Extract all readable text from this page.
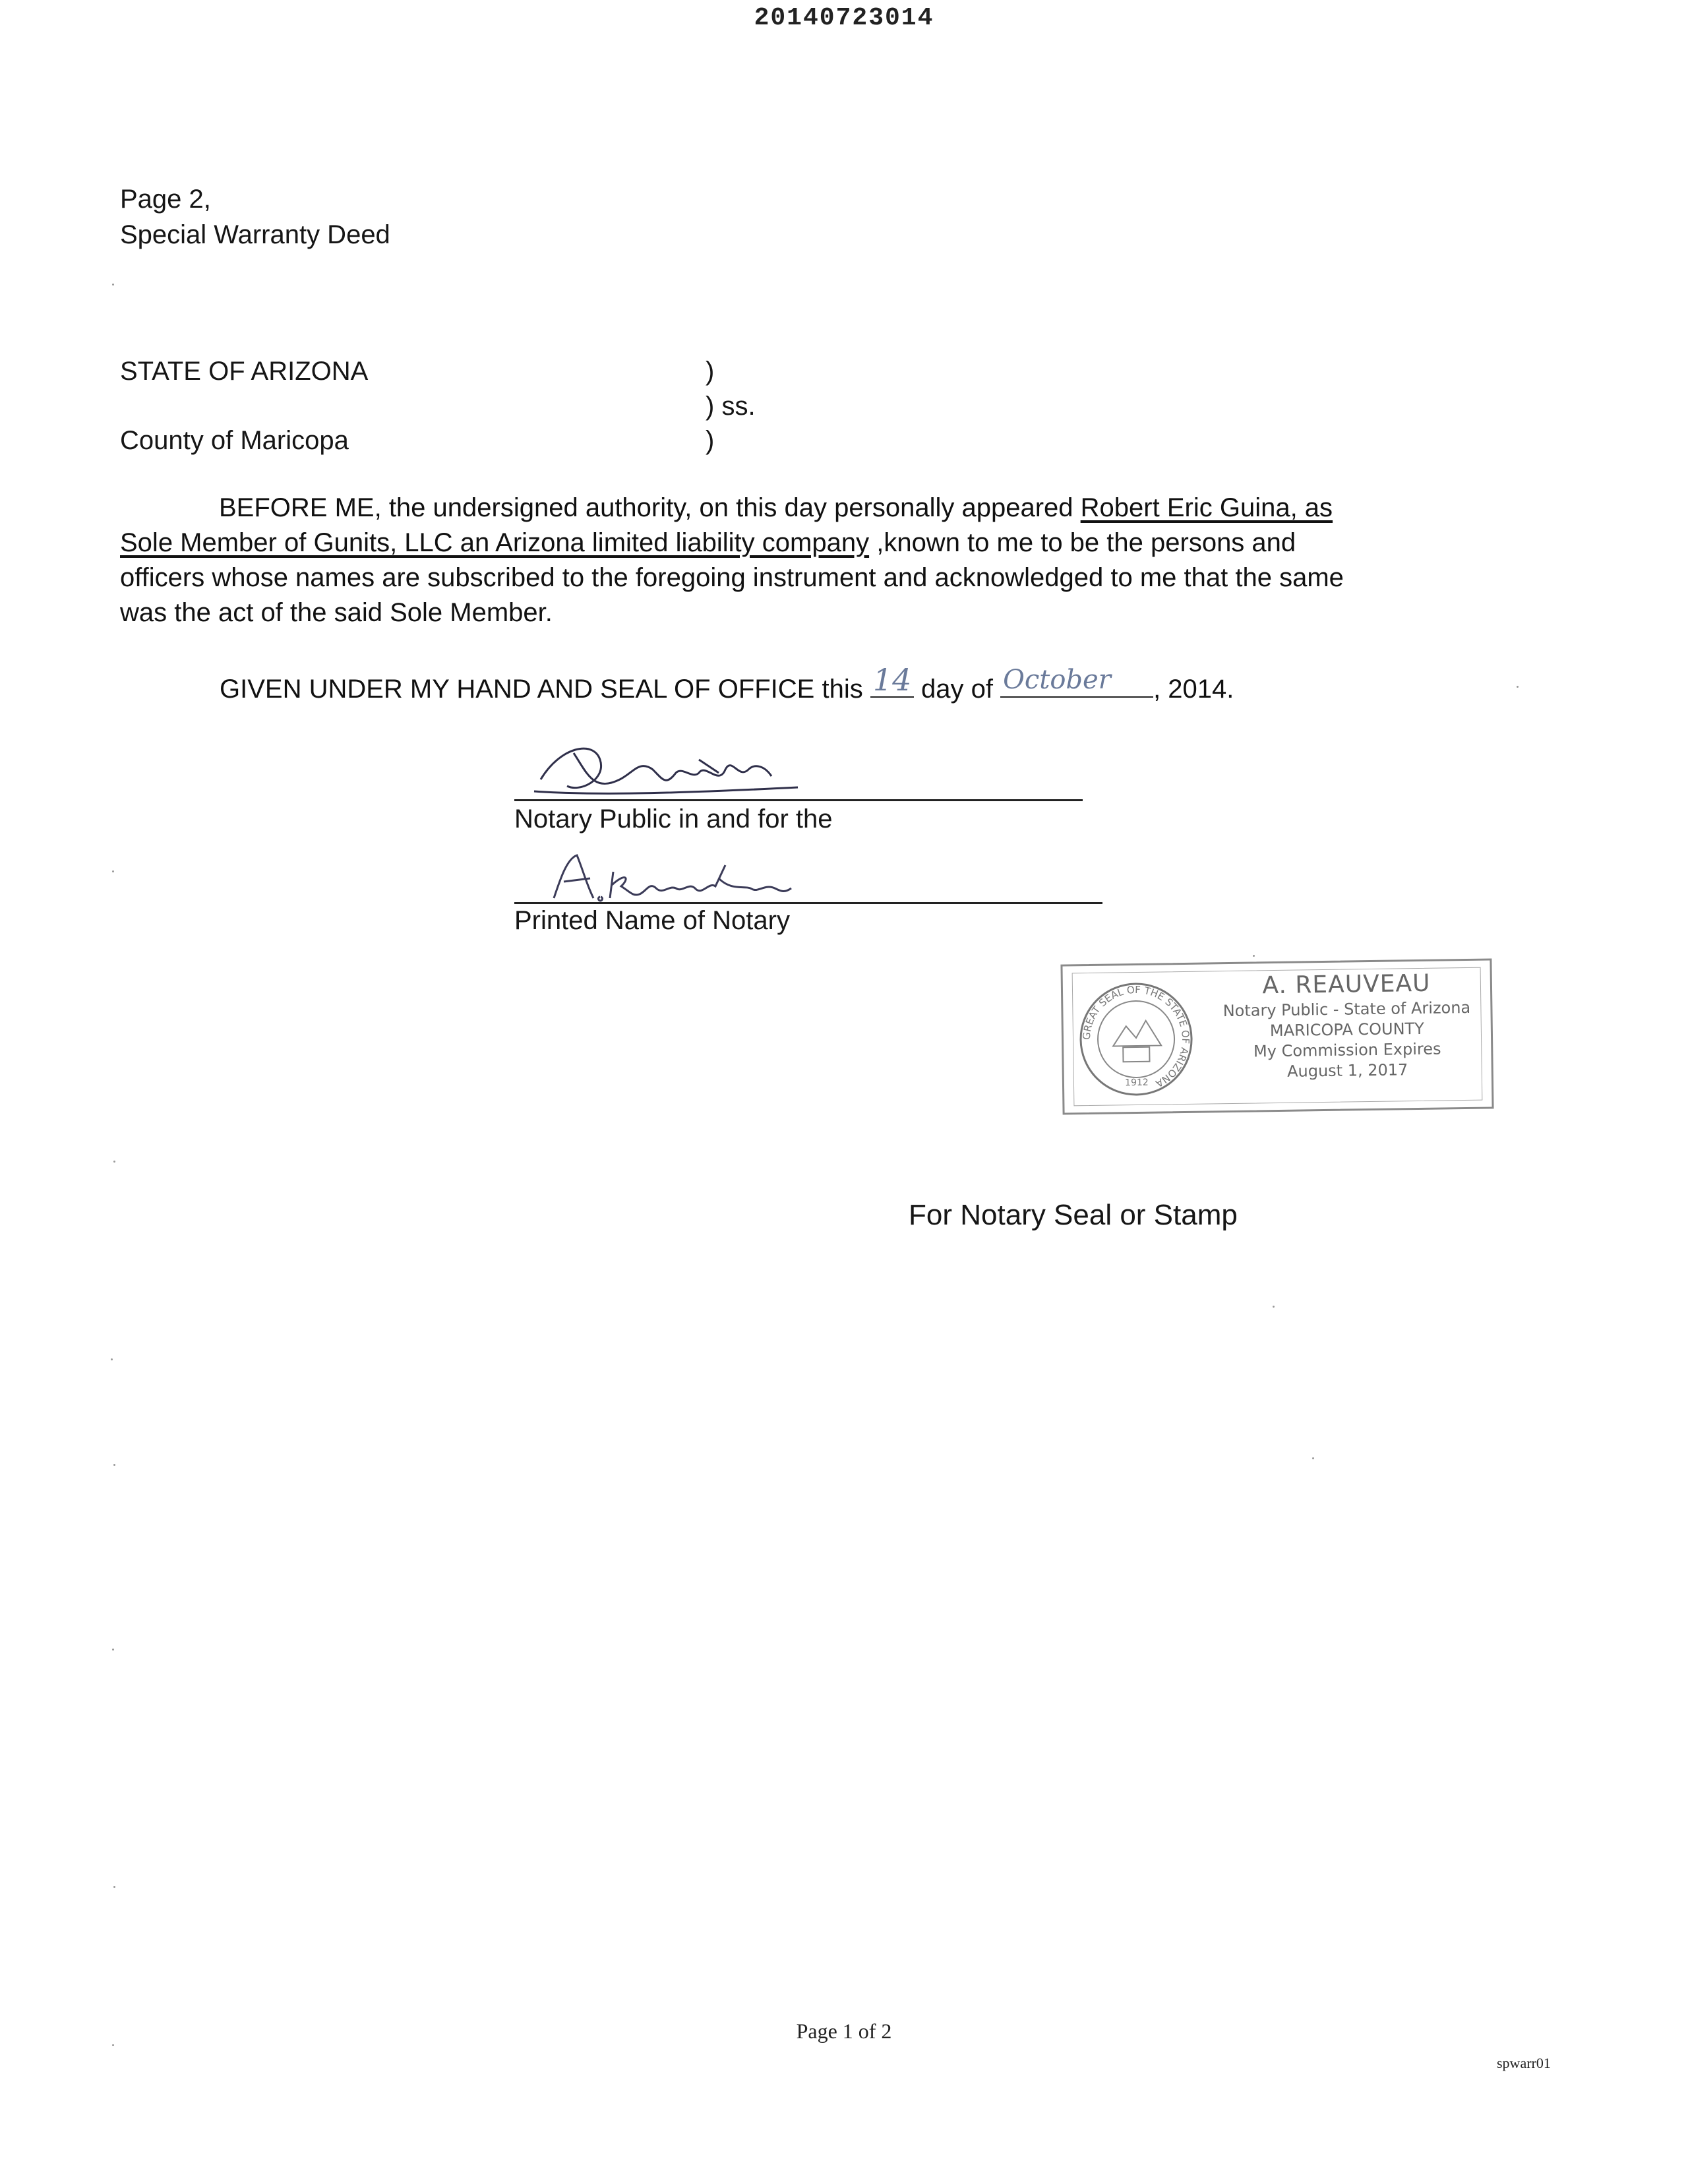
20140723014
Page 2,
Special Warranty Deed
STATE OF ARIZONA	)
) ss.
)
County of Maricopa
BEFORE ME, the undersigned authority, on this day personally appeared Robert Eric Guina, as
Sole Member of Gunits, LLC an Arizona limited liability company ,known to me to be the persons and
officers whose names are subscribed to the foregoing instrument and acknowledged to me that the same
was the act of the said Sole Member.
GIVEN UNDER MY HAND AND SEAL OF OFFICE this 14 day of October , 2014.
Notary Public in and for the
Printed Name of Notary
GREAT SEAL OF THE STATE OF ARIZONA
1912
A. REAUVEAU
Notary Public - State of Arizona
MARICOPA COUNTY
My Commission Expires
August 1, 2017
For Notary Seal or Stamp
Page 1 of 2
spwarr01
